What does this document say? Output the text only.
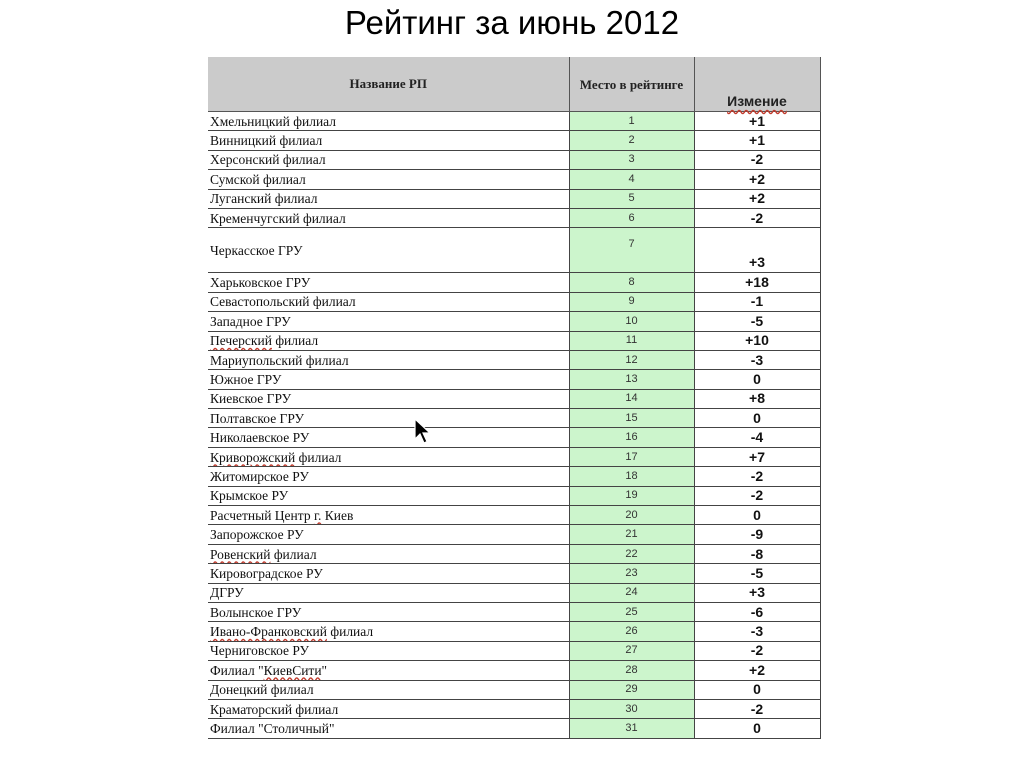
Рейтинг за июнь 2012
Название РП	Место в рейтинге	Измение
Хмельницкий филиал	1	+1
Винницкий филиал	2	+1
Херсонский филиал	3	-2
Сумской филиал	4	+2
Луганский филиал	5	+2
Кременчугский филиал	6	-2
Черкасское ГРУ	7	+3
Харьковское ГРУ	8	+18
Севастопольский филиал	9	-1
Западное ГРУ	10	-5
Печерский филиал	11	+10
Мариупольский филиал	12	-3
Южное ГРУ	13	0
Киевское ГРУ	14	+8
Полтавское ГРУ	15	0
Николаевское РУ	16	-4
Криворожский филиал	17	+7
Житомирское РУ	18	-2
Крымское РУ	19	-2
Расчетный Центр г. Киев	20	0
Запорожское РУ	21	-9
Ровенский филиал	22	-8
Кировоградское РУ	23	-5
ДГРУ	24	+3
Волынское ГРУ	25	-6
Ивано-Франковский филиал	26	-3
Черниговское РУ	27	-2
Филиал "КиевСити"	28	+2
Донецкий филиал	29	0
Краматорский филиал	30	-2
Филиал "Столичный"	31	0
